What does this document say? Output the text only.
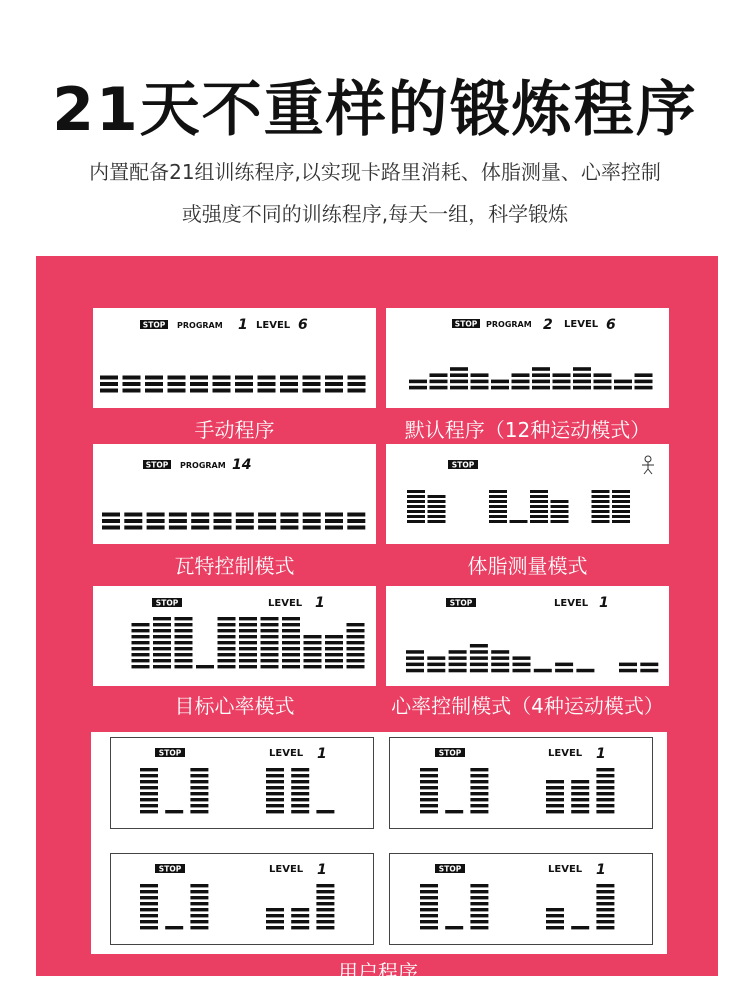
21天不重样的锻炼程序
内置配备21组训练程序,以实现卡路里消耗、体脂测量、心率控制
或强度不同的训练程序,每天一组，科学锻炼
STOP PROGRAM 1 LEVEL 6
手动程序
STOP PROGRAM 2 LEVEL 6
默认程序（12种运动模式）
STOP PROGRAM 14
瓦特控制模式
STOP
体脂测量模式
STOP	LEVEL 1
目标心率模式
STOP	LEVEL 1
心率控制模式（4种运动模式）
STOP	LEVEL 1	STOP	LEVEL 1
STOP	LEVEL 1	STOP	LEVEL 1
用户程序
